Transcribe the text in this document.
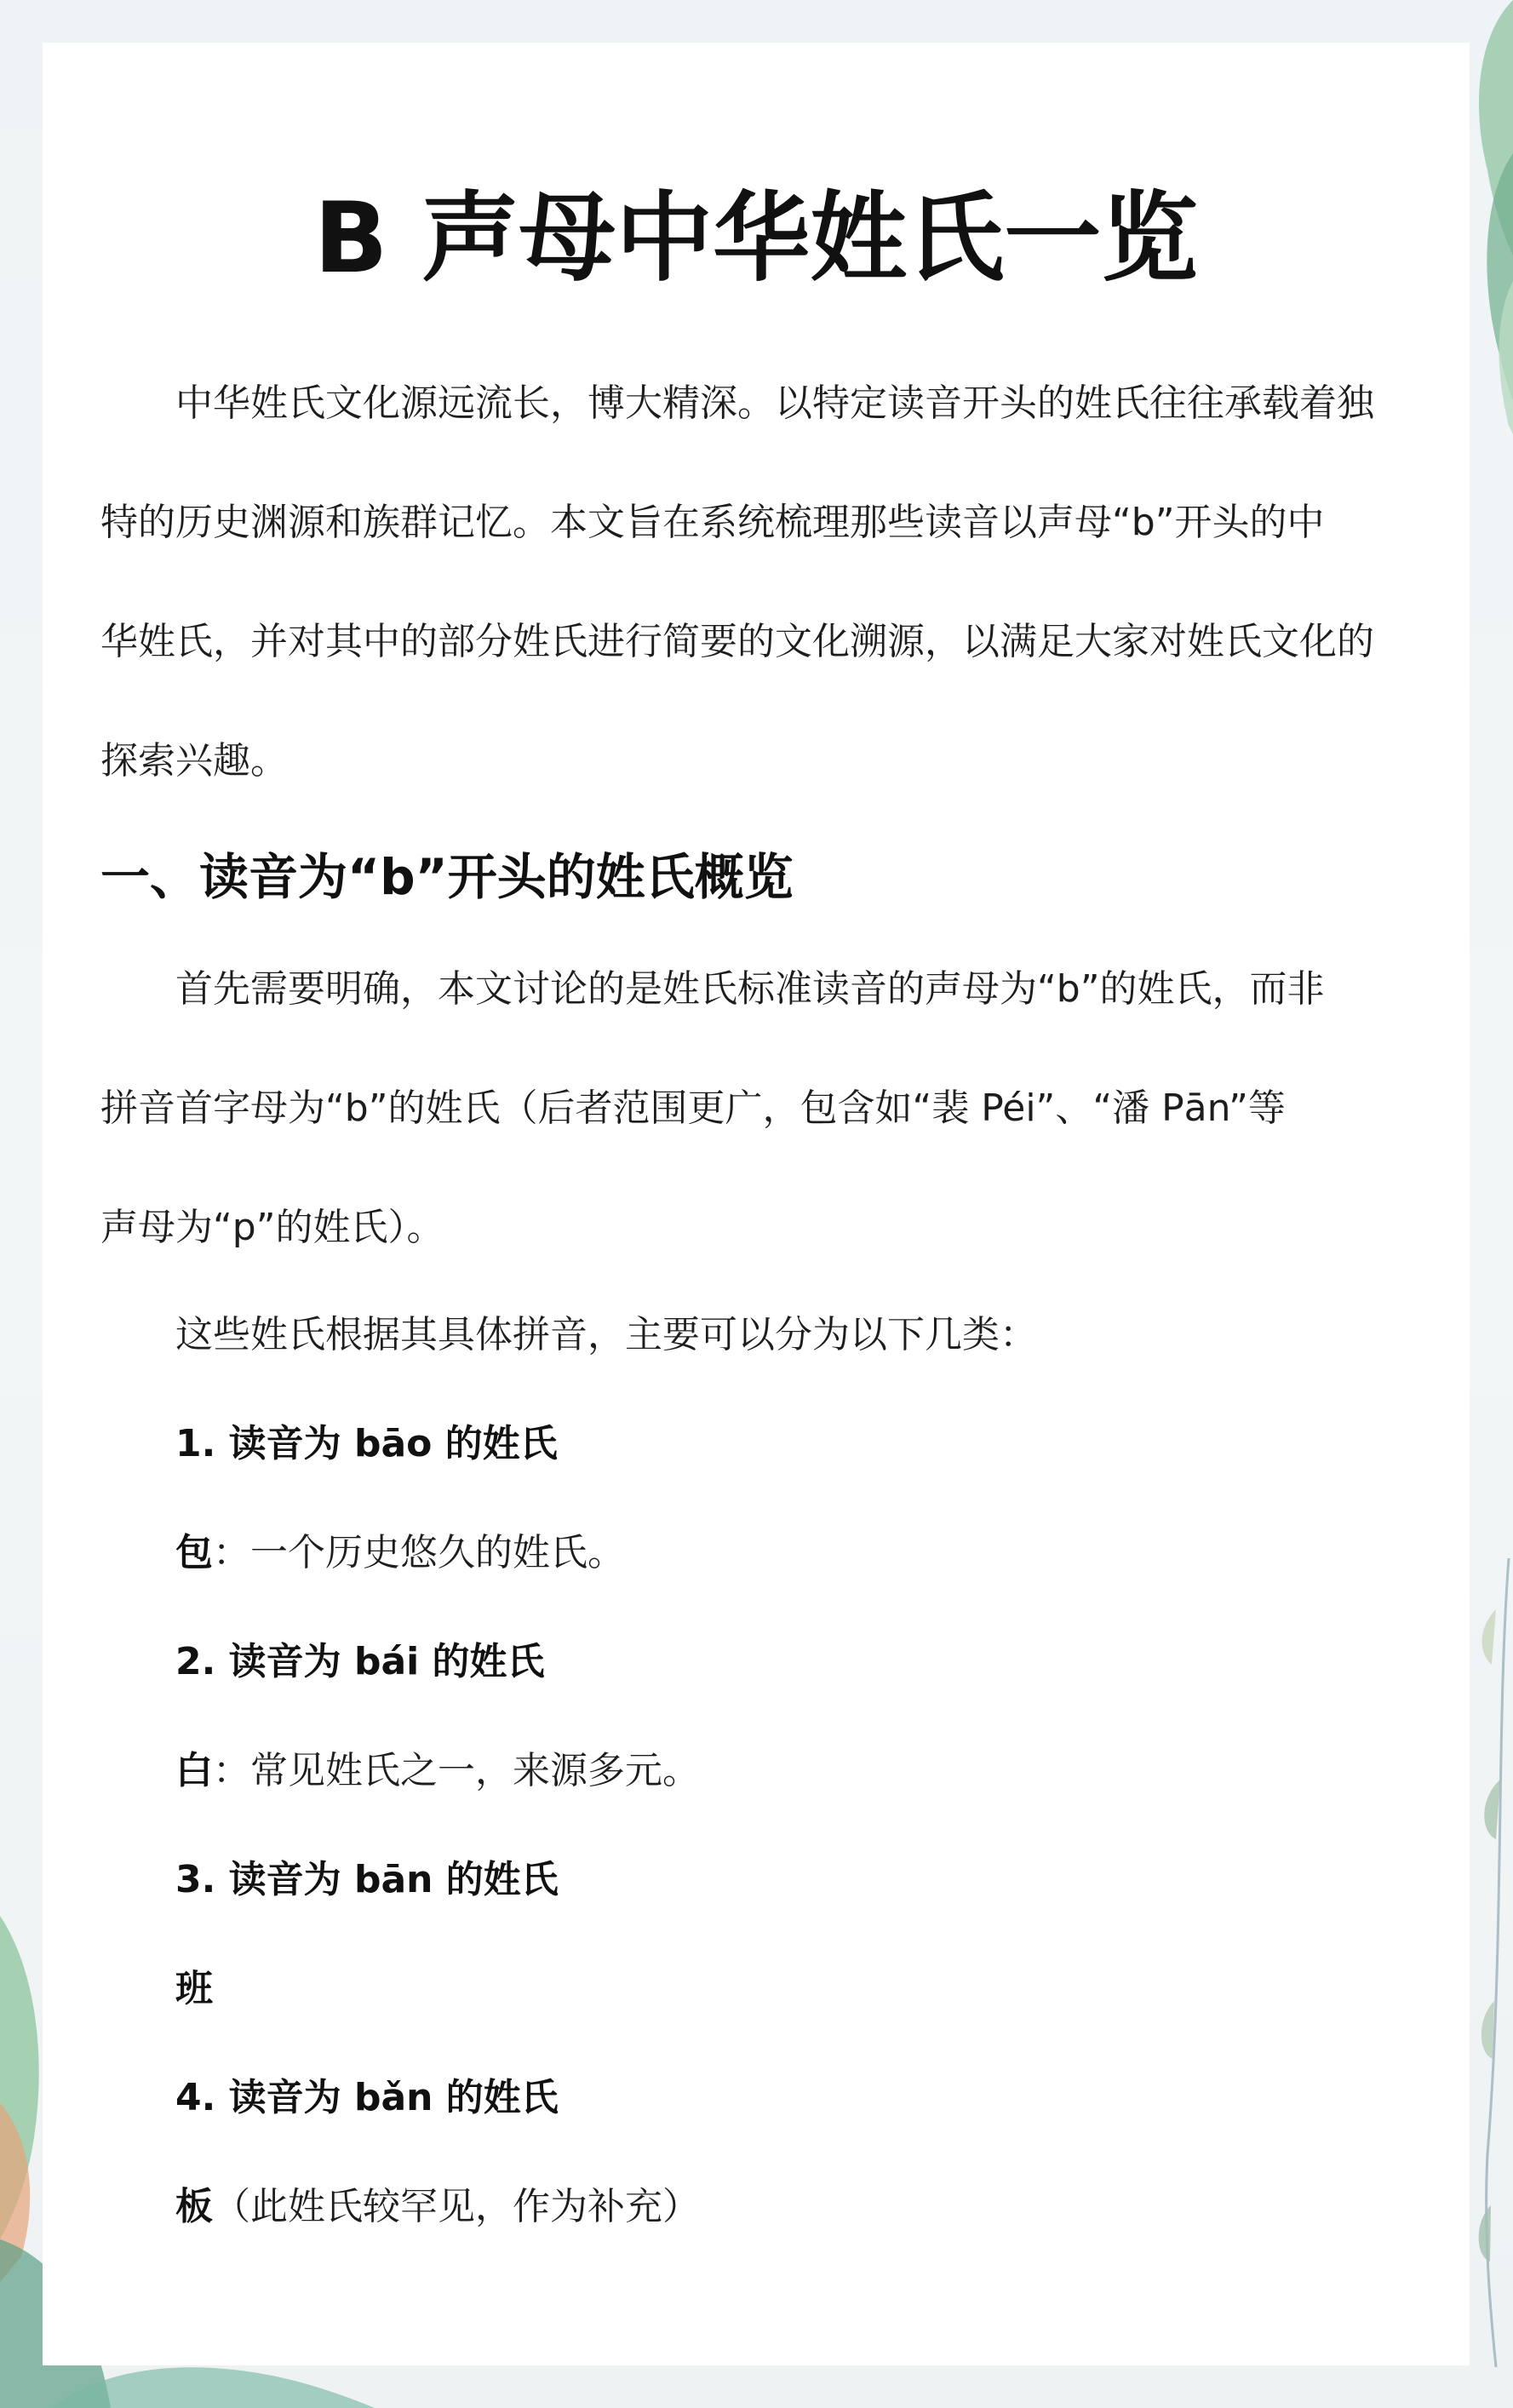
B 声母中华姓氏一览

中华姓氏文化源远流长，博大精深。以特定读音开头的姓氏往往承载着独

特的历史渊源和族群记忆。本文旨在系统梳理那些读音以声母“b”开头的中

华姓氏，并对其中的部分姓氏进行简要的文化溯源，以满足大家对姓氏文化的

探索兴趣。

一、读音为“b”开头的姓氏概览

首先需要明确，本文讨论的是姓氏标准读音的声母为“b”的姓氏，而非

拼音首字母为“b”的姓氏（后者范围更广，包含如“裴 Péi”、“潘 Pān”等

声母为“p”的姓氏）。

这些姓氏根据其具体拼音，主要可以分为以下几类：

1. 读音为 bāo 的姓氏

包：一个历史悠久的姓氏。

2. 读音为 bái 的姓氏

白：常见姓氏之一，来源多元。

3. 读音为 bān 的姓氏

班

4. 读音为 bǎn 的姓氏

板（此姓氏较罕见，作为补充）
